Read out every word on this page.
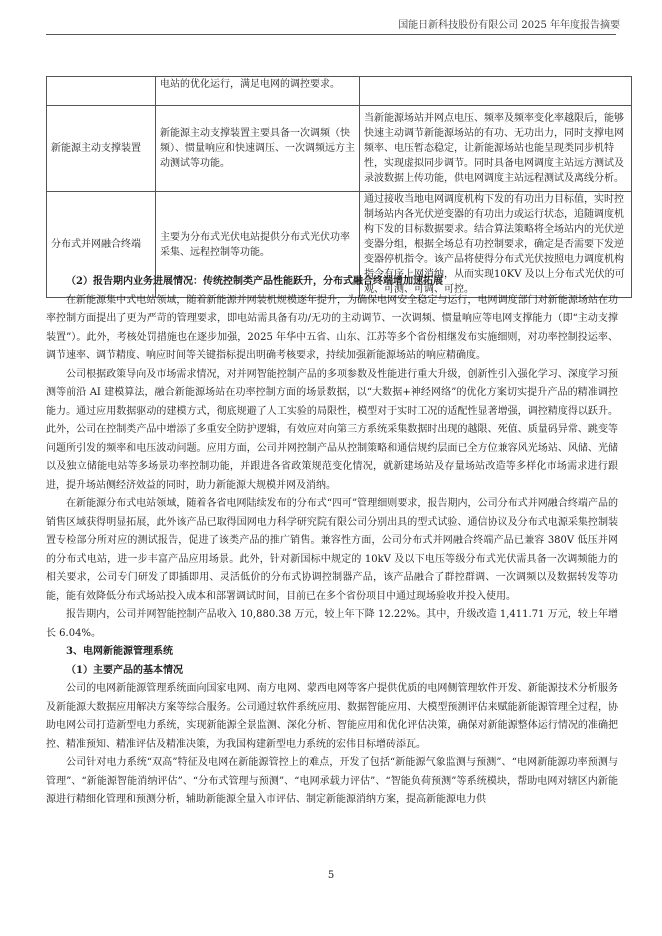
国能日新科技股份有限公司 2025 年年度报告摘要
	电站的优化运行，满足电网的调控要求。	
新能源主动支撑装置	新能源主动支撑装置主要具备一次调频（快频）、惯量响应和快速调压、一次调频远方主动测试等功能。	当新能源场站并网点电压、频率及频率变化率越限后，能够快速主动调节新能源场站的有功、无功出力，同时支撑电网频率、电压暂态稳定，让新能源场站也能呈现类同步机特性，实现虚拟同步调节。同时具备电网调度主站远方测试及录波数据上传功能，供电网调度主站远程测试及离线分析。
分布式并网融合终端	主要为分布式光伏电站提供分布式光伏功率采集、远程控制等功能。	通过接收当地电网调度机构下发的有功出力目标值，实时控制场站内各光伏逆变器的有功出力或运行状态，追随调度机构下发的目标数据要求。结合算法策略将全场站内的光伏逆变器分组，根据全场总有功控制要求，确定是否需要下发逆变器停机指令。该产品将使得分布式光伏按照电力调度机构指令有序上网消纳，从而实现10KV 及以上分布式光伏的可观、可测、可调、可控。

（2）报告期内业务进展情况：传统控制类产品性能跃升，分布式融合终端增加速拓展

在新能源集中式电站领域，随着新能源并网装机规模逐年提升，为确保电网安全稳定与运行，电网调度部门对新能源场站在功率控制方面提出了更为严苛的管理要求，即电站需具备有功/无功的主动调节、一次调频、惯量响应等电网支撑能力（即“主动支撑装置”）。此外，考核处罚措施也在逐步加强，2025 年华中五省、山东、江苏等多个省份相继发布实施细则，对功率控制投运率、调节速率、调节精度、响应时间等关键指标提出明确考核要求，持续加强新能源场站的响应精确度。

公司根据政策导向及市场需求情况，对并网智能控制产品的多项参数及性能进行重大升级，创新性引入强化学习、深度学习预测等前沿 AI 建模算法，融合新能源场站在功率控制方面的场景数据，以“大数据+神经网络”的优化方案切实提升产品的精准调控能力。通过应用数据驱动的建模方式，彻底规避了人工实验的局限性，模型对于实时工况的适配性显著增强，调控精度得以跃升。此外，公司在控制类产品中增添了多重安全防护逻辑，有效应对向第三方系统采集数据时出现的越限、死值、质量码异常、跳变等问题所引发的频率和电压波动问题。应用方面，公司并网控制产品从控制策略和通信规约层面已全方位兼容风光场站、风储、光储以及独立储能电站等多场景功率控制功能，并跟进各省政策规范变化情况，就新建场站及存量场站改造等多样化市场需求进行跟进，提升场站侧经济效益的同时，助力新能源大规模并网及消纳。

在新能源分布式电站领域，随着各省电网陆续发布的分布式“四可”管理细则要求，报告期内，公司分布式并网融合终端产品的销售区域获得明显拓展，此外该产品已取得国网电力科学研究院有限公司分别出具的型式试验、通信协议及分布式电源采集控制装置专检部分所对应的测试报告，促进了该类产品的推广销售。兼容性方面，公司分布式并网融合终端产品已兼容 380V 低压并网的分布式电站，进一步丰富产品应用场景。此外，针对新国标中规定的 10kV 及以下电压等级分布式光伏需具备一次调频能力的相关要求，公司专门研发了即插即用、灵活低价的分布式协调控制器产品，该产品融合了群控群调、一次调频以及数据转发等功能，能有效降低分布式场站投入成本和部署调试时间，目前已在多个省份项目中通过现场验收并投入使用。

报告期内，公司并网智能控制产品收入 10,880.38 万元，较上年下降 12.22%。其中，升级改造 1,411.71 万元，较上年增长 6.04%。

3、电网新能源管理系统

（1）主要产品的基本情况

公司的电网新能源管理系统面向国家电网、南方电网、蒙西电网等客户提供优质的电网侧管理软件开发、新能源技术分析服务及新能源大数据应用解决方案等综合服务。公司通过软件系统应用、数据智能应用、大模型预测评估来赋能新能源管理全过程，协助电网公司打造新型电力系统，实现新能源全景监测、深化分析、智能应用和优化评估决策，确保对新能源整体运行情况的准确把控、精准预知、精准评估及精准决策，为我国构建新型电力系统的宏伟目标增砖添瓦。

公司针对电力系统“双高”特征及电网在新能源管控上的难点，开发了包括“新能源气象监测与预测”、“电网新能源功率预测与管理”、“新能源智能消纳评估”、“分布式管理与预测”、“电网承载力评估”、“智能负荷预测”等系统模块，帮助电网对辖区内新能源进行精细化管理和预测分析，辅助新能源全量入市评估、制定新能源消纳方案，提高新能源电力供

5
